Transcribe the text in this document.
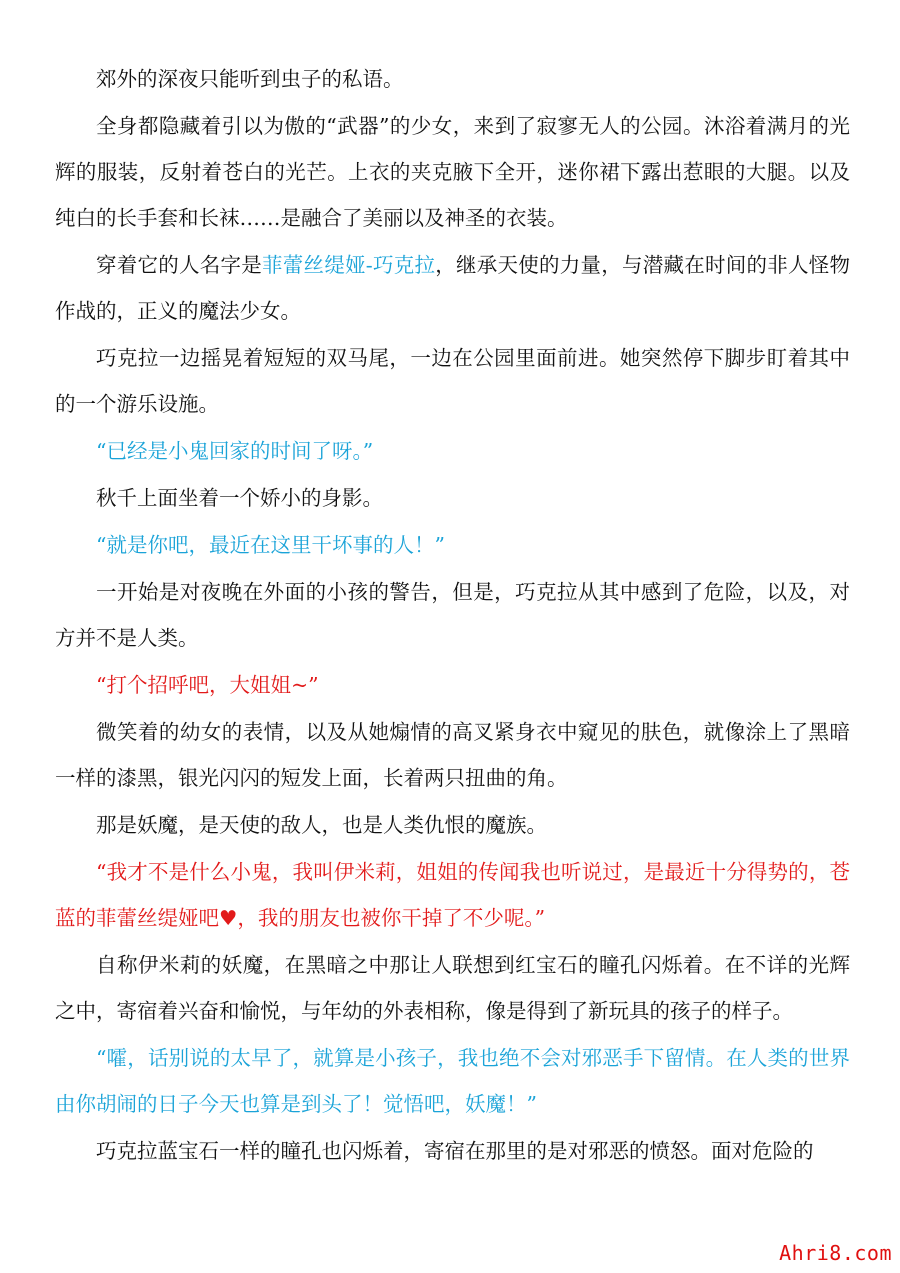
郊外的深夜只能听到虫子的私语。

全身都隐藏着引以为傲的“武器”的少女，来到了寂寥无人的公园。沐浴着满月的光辉的服装，反射着苍白的光芒。上衣的夹克腋下全开，迷你裙下露出惹眼的大腿。以及纯白的长手套和长袜……是融合了美丽以及神圣的衣装。

穿着它的人名字是菲蕾丝缇娅-巧克拉，继承天使的力量，与潜藏在时间的非人怪物作战的，正义的魔法少女。

巧克拉一边摇晃着短短的双马尾，一边在公园里面前进。她突然停下脚步盯着其中的一个游乐设施。

“已经是小鬼回家的时间了呀。”

秋千上面坐着一个娇小的身影。

“就是你吧，最近在这里干坏事的人！”

一开始是对夜晚在外面的小孩的警告，但是，巧克拉从其中感到了危险，以及，对方并不是人类。

“打个招呼吧，大姐姐~”

微笑着的幼女的表情，以及从她煽情的高叉紧身衣中窥见的肤色，就像涂上了黑暗一样的漆黑，银光闪闪的短发上面，长着两只扭曲的角。

那是妖魔，是天使的敌人，也是人类仇恨的魔族。

“我才不是什么小鬼，我叫伊米莉，姐姐的传闻我也听说过，是最近十分得势的，苍蓝的菲蕾丝缇娅吧♥，我的朋友也被你干掉了不少呢。”

自称伊米莉的妖魔，在黑暗之中那让人联想到红宝石的瞳孔闪烁着。在不详的光辉之中，寄宿着兴奋和愉悦，与年幼的外表相称，像是得到了新玩具的孩子的样子。

“嚯，话别说的太早了，就算是小孩子，我也绝不会对邪恶手下留情。在人类的世界由你胡闹的日子今天也算是到头了！觉悟吧，妖魔！”

巧克拉蓝宝石一样的瞳孔也闪烁着，寄宿在那里的是对邪恶的愤怒。面对危险的

Ahri8.com
